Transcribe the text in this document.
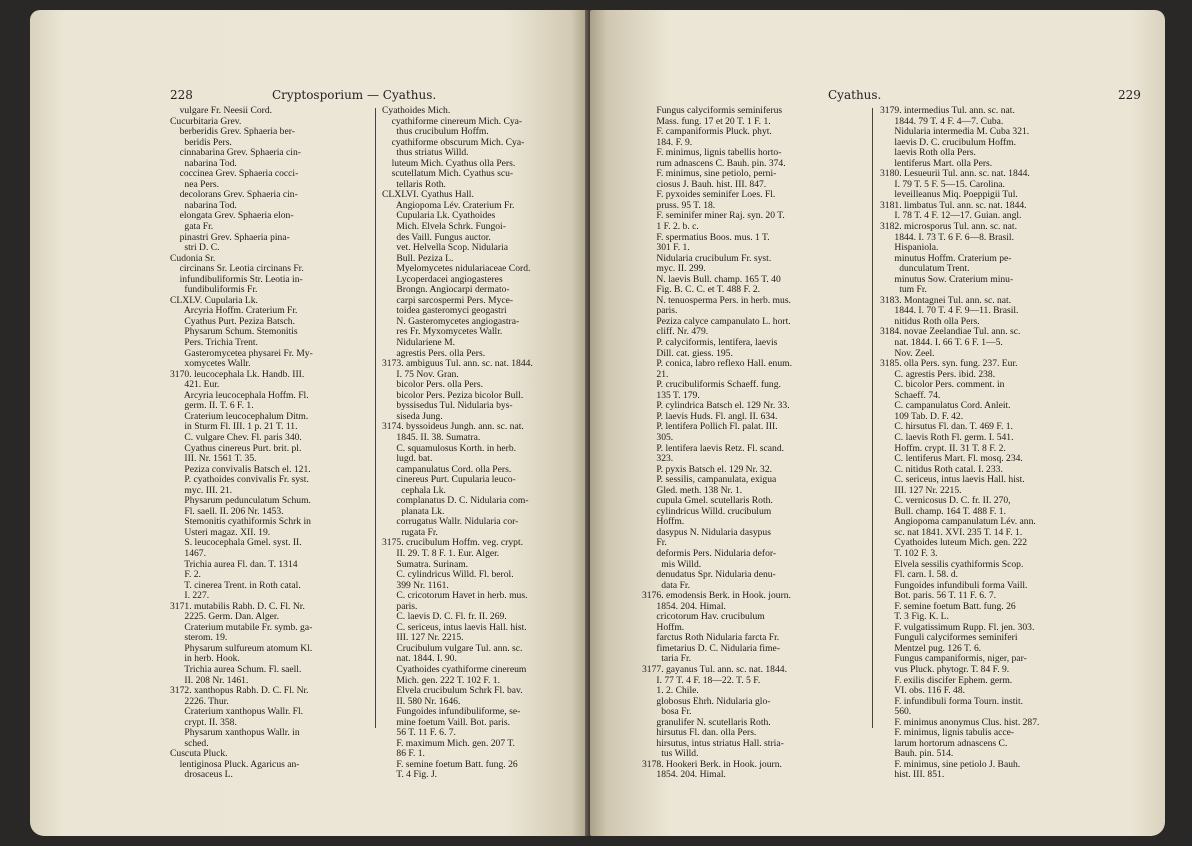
228	Cryptosporium — Cyathus.
vulgare Fr. Neesii Cord.
Cucurbitaria Grev.
berberidis Grev. Sphaeria ber-
beridis Pers.
cinnabarina Grev. Sphaeria cin-
nabarina Tod.
coccinea Grev. Sphaeria cocci-
nea Pers.
decolorans Grev. Sphaeria cin-
nabarina Tod.
elongata Grev. Sphaeria elon-
gata Fr.
pinastri Grev. Sphaeria pina-
stri D. C.
Cudonia Sr.
circinans Sr. Leotia circinans Fr.
infundibuliformis Str. Leotia in-
fundibuliformis Fr.
CLXLV. Cupularia Lk.
Arcyria Hoffm. Craterium Fr.
Cyathus Purt. Peziza Batsch.
Physarum Schum. Stemonitis
Pers. Trichia Trent.
Gasteromycetea physarei Fr. My-
xomycetes Wallr.
3170. leucocephala Lk. Handb. III.
421. Eur.
Arcyria leucocephala Hoffm. Fl.
germ. II. T. 6 F. 1.
Craterium leucocephalum Ditm.
in Sturm Fl. III. 1 p. 21 T. 11.
C. vulgare Chev. Fl. paris 340.
Cyathus cinereus Purt. brit. pl.
III. Nr. 1561 T. 35.
Peziza convivalis Batsch el. 121.
P. cyathoides convivalis Fr. syst.
myc. III. 21.
Physarum pedunculatum Schum.
Fl. saell. II. 206 Nr. 1453.
Stemonitis cyathiformis Schrk in
Usteri magaz. XII. 19.
S. leucocephala Gmel. syst. II.
1467.
Trichia aurea Fl. dan. T. 1314
F. 2.
T. cinerea Trent. in Roth catal.
I. 227.
3171. mutabilis Rabh. D. C. Fl. Nr.
2225. Germ. Dan. Alger.
Craterium mutabile Fr. symb. ga-
sterom. 19.
Physarum sulfureum atomum Kl.
in herb. Hook.
Trichia aurea Schum. Fl. saell.
II. 208 Nr. 1461.
3172. xanthopus Rabh. D. C. Fl. Nr.
2226. Thur.
Craterium xanthopus Wallr. Fl.
crypt. II. 358.
Physarum xanthopus Wallr. in
sched.
Cuscuta Pluck.
lentiginosa Pluck. Agaricus an-
drosaceus L.
Cyathoides Mich.
cyathiforme cinereum Mich. Cya-
thus crucibulum Hoffm.
cyathiforme obscurum Mich. Cya-
thus striatus Willd.
luteum Mich. Cyathus olla Pers.
scutellatum Mich. Cyathus scu-
tellaris Roth.
CLXLVI. Cyathus Hall.
Angiopoma Lév. Craterium Fr.
Cupularia Lk. Cyathoides
Mich. Elvela Schrk. Fungoi-
des Vaill. Fungus auctor.
vet. Helvella Scop. Nidularia
Bull. Peziza L.
Myelomycetes nidulariaceae Cord.
Lycoperdacei angiogasteres
Brongn. Angiocarpi dermato-
carpi sarcospermi Pers. Myce-
toidea gasteromyci geogastri
N. Gasteromycetes angiogastra-
res Fr. Myxomycetes Wallr.
Nidulariene M.
agrestis Pers. olla Pers.
3173. ambiguus Tul. ann. sc. nat. 1844.
I. 75 Nov. Gran.
bicolor Pers. olla Pers.
bicolor Pers. Peziza bicolor Bull.
byssisedus Tul. Nidularia bys-
siseda Jung.
3174. byssoideus Jungh. ann. sc. nat.
1845. II. 38. Sumatra.
C. squamulosus Korth. in herb.
lugd. bat.
campanulatus Cord. olla Pers.
cinereus Purt. Cupularia leuco-
cephala Lk.
complanatus D. C. Nidularia com-
planata Lk.
corrugatus Wallr. Nidularia cor-
rugata Fr.
3175. crucibulum Hoffm. veg. crypt.
II. 29. T. 8 F. 1. Eur. Alger.
Sumatra. Surinam.
C. cylindricus Willd. Fl. berol.
399 Nr. 1161.
C. cricotorum Havet in herb. mus.
paris.
C. laevis D. C. Fl. fr. II. 269.
C. sericeus, intus laevis Hall. hist.
III. 127 Nr. 2215.
Crucibulum vulgare Tul. ann. sc.
nat. 1844. I. 90.
Cyathoides cyathiforme cinereum
Mich. gen. 222 T. 102 F. 1.
Elvela crucibulum Schrk Fl. bav.
II. 580 Nr. 1646.
Fungoides infundibuliforme, se-
mine foetum Vaill. Bot. paris.
56 T. 11 F. 6. 7.
F. maximum Mich. gen. 207 T.
86 F. 1.
F. semine foetum Batt. fung. 26
T. 4 Fig. J.
Cyathus.	229
Fungus calyciformis seminiferus
Mass. fung. 17 et 20 T. 1 F. 1.
F. campaniformis Pluck. phyt.
184. F. 9.
F. minimus, lignis tabellis horto-
rum adnascens C. Bauh. pin. 374.
F. minimus, sine petiolo, perni-
ciosus J. Bauh. hist. III. 847.
F. pyxoides seminifer Loes. Fl.
pruss. 95 T. 18.
F. seminifer miner Raj. syn. 20 T.
1 F. 2. b. c.
F. spermatius Boos. mus. 1 T.
301 F. 1.
Nidularia crucibulum Fr. syst.
myc. II. 299.
N. laevis Bull. champ. 165 T. 40
Fig. B. C. C. et T. 488 F. 2.
N. tenuosperma Pers. in herb. mus.
paris.
Peziza calyce campanulato L. hort.
cliff. Nr. 479.
P. calyciformis, lentifera, laevis
Dill. cat. giess. 195.
P. conica, labro reflexo Hall. enum.
21.
P. crucibuliformis Schaeff. fung.
135 T. 179.
P. cylindrica Batsch el. 129 Nr. 33.
P. laevis Huds. Fl. angl. II. 634.
P. lentifera Pollich Fl. palat. III.
305.
P. lentifera laevis Retz. Fl. scand.
323.
P. pyxis Batsch el. 129 Nr. 32.
P. sessilis, campanulata, exigua
Gled. meth. 138 Nr. 1.
cupula Gmel. scutellaris Roth.
cylindricus Willd. crucibulum
Hoffm.
dasypus N. Nidularia dasypus
Fr.
deformis Pers. Nidularia defor-
mis Willd.
denudatus Spr. Nidularia denu-
data Fr.
3176. emodensis Berk. in Hook. journ.
1854. 204. Himal.
cricotorum Hav. crucibulum
Hoffm.
farctus Roth Nidularia farcta Fr.
fimetarius D. C. Nidularia fime-
taria Fr.
3177. gayanus Tul. ann. sc. nat. 1844.
I. 77 T. 4 F. 18—22. T. 5 F.
1. 2. Chile.
globosus Ehrh. Nidularia glo-
bosa Fr.
granulifer N. scutellaris Roth.
hirsutus Fl. dan. olla Pers.
hirsutus, intus striatus Hall. stria-
tus Willd.
3178. Hookeri Berk. in Hook. journ.
1854. 204. Himal.
3179. intermedius Tul. ann. sc. nat.
1844. 79 T. 4 F. 4—7. Cuba.
Nidularia intermedia M. Cuba 321.
laevis D. C. crucibulum Hoffm.
laevis Roth olla Pers.
lentiferus Mart. olla Pers.
3180. Lesueurii Tul. ann. sc. nat. 1844.
I. 79 T. 5 F. 5—15. Carolina.
leveilleanus Miq. Poeppigii Tul.
3181. limbatus Tul. ann. sc. nat. 1844.
I. 78 T. 4 F. 12—17. Guian. angl.
3182. microsporus Tul. ann. sc. nat.
1844. I. 73 T. 6 F. 6—8. Brasil.
Hispaniola.
minutus Hoffm. Craterium pe-
dunculatum Trent.
minutus Sow. Craterium minu-
tum Fr.
3183. Montagnei Tul. ann. sc. nat.
1844. I. 70 T. 4 F. 9—11. Brasil.
nitidus Roth olla Pers.
3184. novae Zeelandiae Tul. ann. sc.
nat. 1844. I. 66 T. 6 F. 1—5.
Nov. Zeel.
3185. olla Pers. syn. fung. 237. Eur.
C. agrestis Pers. ibid. 238.
C. bicolor Pers. comment. in
Schaeff. 74.
C. campanulatus Cord. Anleit.
109 Tab. D. F. 42.
C. hirsutus Fl. dan. T. 469 F. 1.
C. laevis Roth Fl. germ. I. 541.
Hoffm. crypt. II. 31 T. 8 F. 2.
C. lentiferus Mart. Fl. mosq. 234.
C. nitidus Roth catal. I. 233.
C. sericeus, intus laevis Hall. hist.
III. 127 Nr. 2215.
C. vernicosus D. C. fr. II. 270,
Bull. champ. 164 T. 488 F. 1.
Angiopoma campanulatum Lév. ann.
sc. nat 1841. XVI. 235 T. 14 F. 1.
Cyathoides luteum Mich. gen. 222
T. 102 F. 3.
Elvela sessilis cyathiformis Scop.
Fl. carn. I. 58. d.
Fungoides infundibuli forma Vaill.
Bot. paris. 56 T. 11 F. 6. 7.
F. semine foetum Batt. fung. 26
T. 3 Fig. K. L.
F. vulgatissimum Rupp. Fl. jen. 303.
Funguli calyciformes seminiferi
Mentzel pug. 126 T. 6.
Fungus campaniformis, niger, par-
vus Pluck. phytogr. T. 84 F. 9.
F. exilis discifer Ephem. germ.
VI. obs. 116 F. 48.
F. infundibuli forma Tourn. instit.
560.
F. minimus anonymus Clus. hist. 287.
F. minimus, lignis tabulis acce-
larum hortorum adnascens C.
Bauh. pin. 514.
F. minimus, sine petiolo J. Bauh.
hist. III. 851.
